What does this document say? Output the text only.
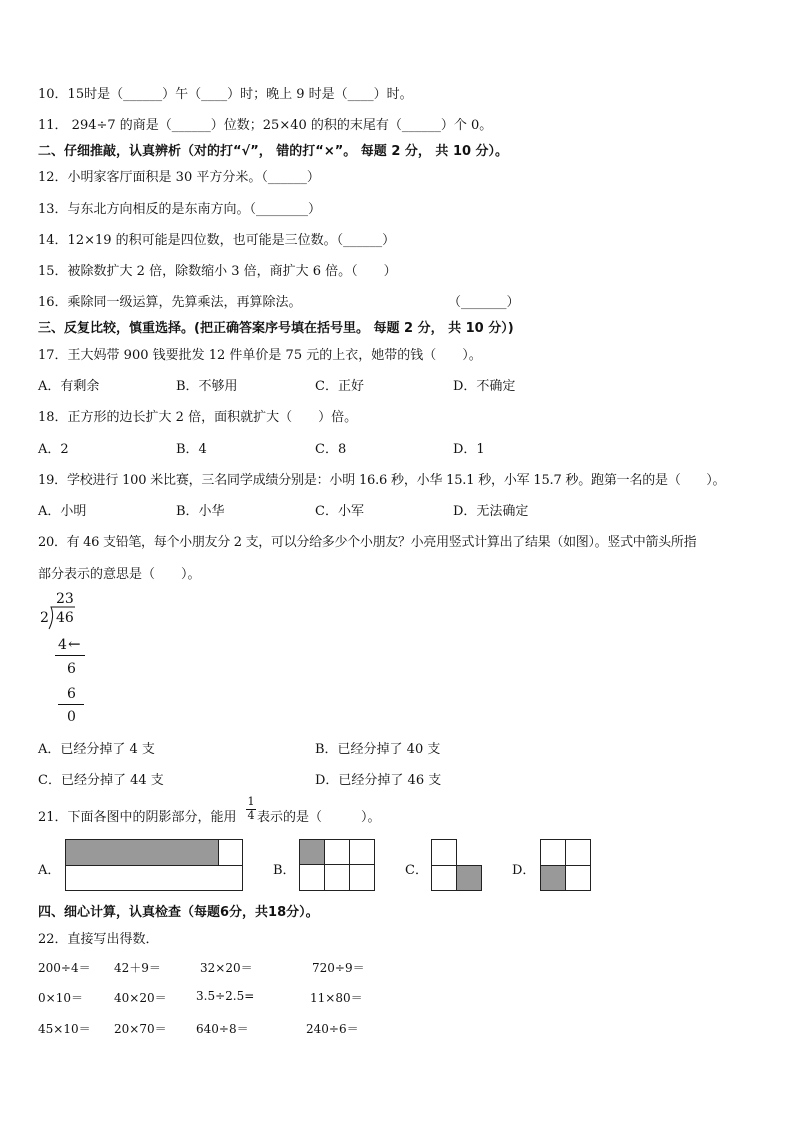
10．15时是（______）午（____）时；晚上 9 时是（____）时。
11． 294÷7 的商是（______）位数；25×40 的积的末尾有（______）个 0。
二、仔细推敲，认真辨析（对的打“√”， 错的打“×”。 每题 2 分， 共 10 分）。
12．小明家客厅面积是 30 平方分米。（______）
13．与东北方向相反的是东南方向。（________）
14．12×19 的积可能是四位数，也可能是三位数。（______）
15．被除数扩大 2 倍，除数缩小 3 倍，商扩大 6 倍。（　　）
16．乘除同一级运算，先算乘法，再算除法。	（_______）
三、反复比较，慎重选择。(把正确答案序号填在括号里。 每题 2 分， 共 10 分）)
17．王大妈带 900 钱要批发 12 件单价是 75 元的上衣，她带的钱（　　）。
A．有剩余	B．不够用	C．正好	D．不确定
18．正方形的边长扩大 2 倍，面积就扩大（　　）倍。
A．2	B．4	C．8	D．1
19．学校进行 100 米比赛，三名同学成绩分别是：小明 16.6 秒，小华 15.1 秒，小军 15.7 秒。跑第一名的是（　　）。
A．小明	B．小华	C．小军	D．无法确定
20．有 46 支铅笔，每个小朋友分 2 支，可以分给多少个小朋友？小亮用竖式计算出了结果（如图）。竖式中箭头所指
部分表示的意思是（　　）。
23
2 46
4 ←
6
6
0
A．已经分掉了 4 支	B．已经分掉了 40 支
C．已经分掉了 44 支	D．已经分掉了 46 支
21．下面各图中的阴影部分，能用
1
4 表示的是（　　　）。
A．	B．	C．	D．
四、细心计算，认真检查（每题6分，共18分）。
22．直接写出得数．
200÷4＝ 42＋9＝	32×20＝	720÷9＝
0×10＝	40×20＝ 3.5÷2.5=	11×80＝
45×10＝ 20×70＝ 640÷8＝	240÷6＝
